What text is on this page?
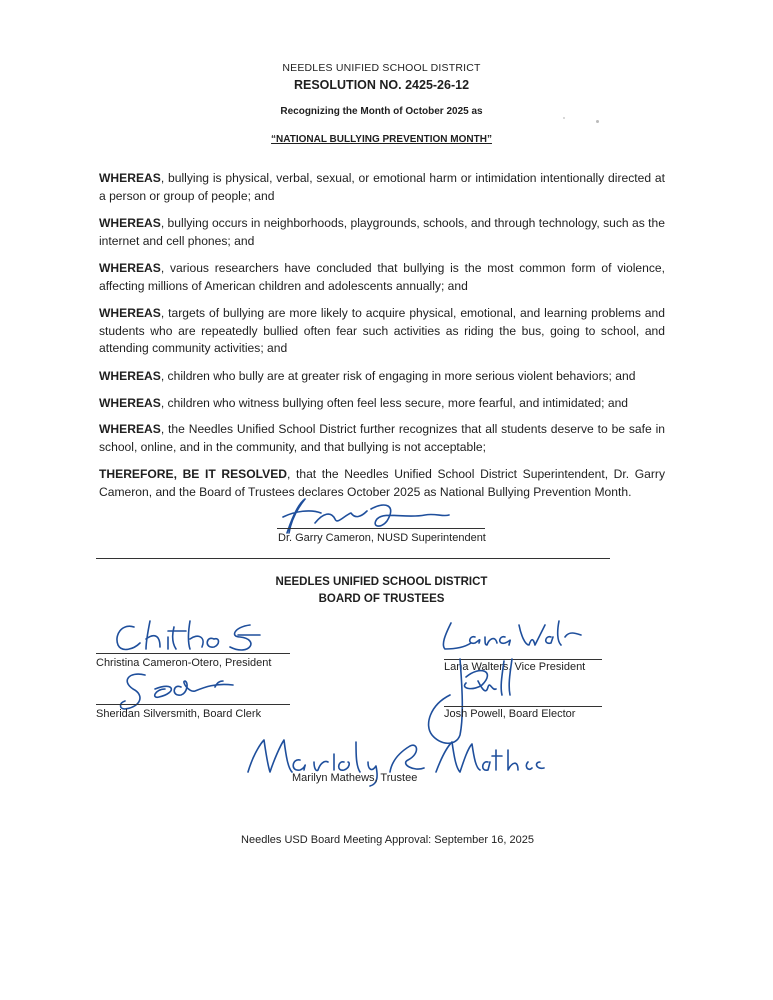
NEEDLES UNIFIED SCHOOL DISTRICT
RESOLUTION NO. 2425-26-12
Recognizing the Month of October 2025 as
“NATIONAL BULLYING PREVENTION MONTH”
WHEREAS, bullying is physical, verbal, sexual, or emotional harm or intimidation intentionally directed at a person or group of people; and
WHEREAS, bullying occurs in neighborhoods, playgrounds, schools, and through technology, such as the internet and cell phones; and
WHEREAS, various researchers have concluded that bullying is the most common form of violence, affecting millions of American children and adolescents annually; and
WHEREAS, targets of bullying are more likely to acquire physical, emotional, and learning problems and students who are repeatedly bullied often fear such activities as riding the bus, going to school, and attending community activities; and
WHEREAS, children who bully are at greater risk of engaging in more serious violent behaviors; and
WHEREAS, children who witness bullying often feel less secure, more fearful, and intimidated; and
WHEREAS, the Needles Unified School District further recognizes that all students deserve to be safe in school, online, and in the community, and that bullying is not acceptable;
THEREFORE, BE IT RESOLVED, that the Needles Unified School District Superintendent, Dr. Garry Cameron, and the Board of Trustees declares October 2025 as National Bullying Prevention Month.
Dr. Garry Cameron, NUSD Superintendent
NEEDLES UNIFIED SCHOOL DISTRICT
BOARD OF TRUSTEES
Christina Cameron-Otero, President	Lana Walters, Vice President
Sheridan Silversmith, Board Clerk	Josh Powell, Board Elector
Marilyn Mathews, Trustee
Needles USD Board Meeting Approval: September 16, 2025
